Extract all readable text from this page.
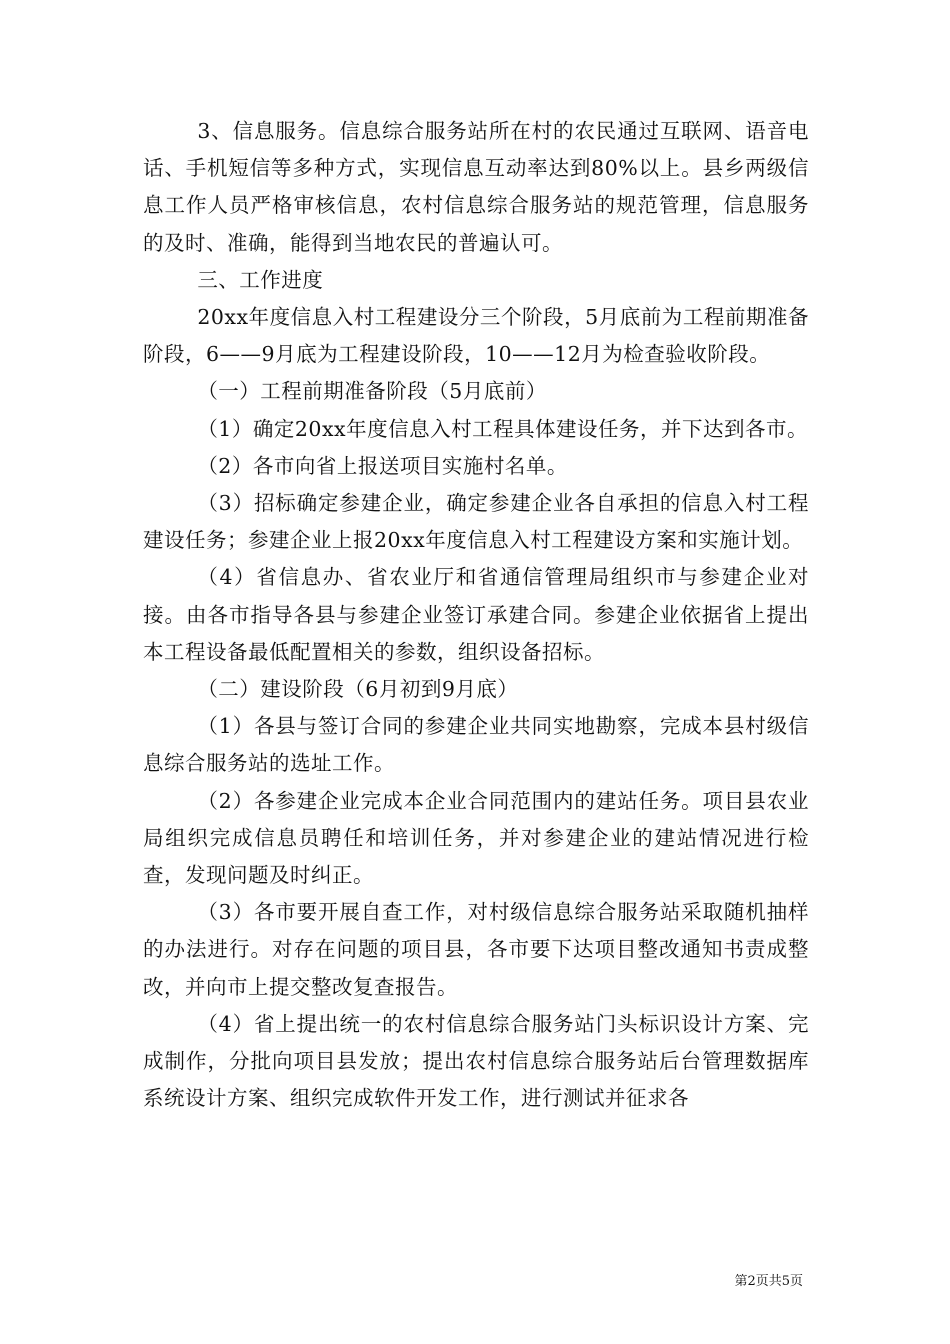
3、信息服务。信息综合服务站所在村的农民通过互联网、语音电话、手机短信等多种方式，实现信息互动率达到80%以上。县乡两级信息工作人员严格审核信息，农村信息综合服务站的规范管理，信息服务的及时、准确，能得到当地农民的普遍认可。

三、工作进度

20xx年度信息入村工程建设分三个阶段，5月底前为工程前期准备阶段，6——9月底为工程建设阶段，10——12月为检查验收阶段。

（一）工程前期准备阶段（5月底前）

（1）确定20xx年度信息入村工程具体建设任务，并下达到各市。

（2）各市向省上报送项目实施村名单。

（3）招标确定参建企业，确定参建企业各自承担的信息入村工程建设任务；参建企业上报20xx年度信息入村工程建设方案和实施计划。

（4）省信息办、省农业厅和省通信管理局组织市与参建企业对接。由各市指导各县与参建企业签订承建合同。参建企业依据省上提出本工程设备最低配置相关的参数，组织设备招标。

（二）建设阶段（6月初到9月底）

（1）各县与签订合同的参建企业共同实地勘察，完成本县村级信息综合服务站的选址工作。

（2）各参建企业完成本企业合同范围内的建站任务。项目县农业局组织完成信息员聘任和培训任务，并对参建企业的建站情况进行检查，发现问题及时纠正。

（3）各市要开展自查工作，对村级信息综合服务站采取随机抽样的办法进行。对存在问题的项目县，各市要下达项目整改通知书责成整改，并向市上提交整改复查报告。

（4）省上提出统一的农村信息综合服务站门头标识设计方案、完成制作，分批向项目县发放；提出农村信息综合服务站后台管理数据库系统设计方案、组织完成软件开发工作，进行测试并征求各

第2页共5页
